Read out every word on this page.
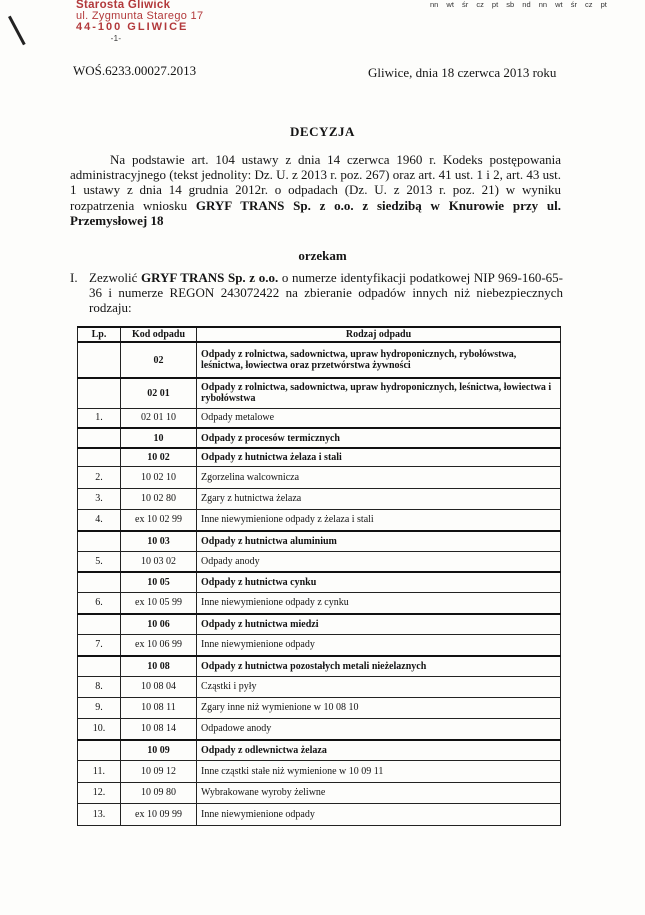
Starosta Gliwick
ul. Zygmunta Starego 17
44-100 GLIWICE
-1-
nn wt śr cz pt sb nd nn wt śr cz pt
WOŚ.6233.00027.2013	Gliwice, dnia 18 czerwca 2013 roku
DECYZJA

Na podstawie art. 104 ustawy z dnia 14 czerwca 1960 r. Kodeks postępowania administracyjnego (tekst jednolity: Dz. U. z 2013 r. poz. 267) oraz art. 41 ust. 1 i 2, art. 43 ust. 1 ustawy z dnia 14 grudnia 2012r. o odpadach (Dz. U. z 2013 r. poz. 21) w wyniku rozpatrzenia wniosku GRYF TRANS Sp. z o.o. z siedzibą w Knurowie przy ul. Przemysłowej 18

orzekam
I. Zezwolić GRYF TRANS Sp. z o.o. o numerze identyfikacji podatkowej NIP 969-160-65-36 i numerze REGON 243072422 na zbieranie odpadów innych niż niebezpiecznych rodzaju:
Lp.	Kod odpadu	Rodzaj odpadu
	02	Odpady z rolnictwa, sadownictwa, upraw hydroponicznych, rybołówstwa, leśnictwa, łowiectwa oraz przetwórstwa żywności
	02 01	Odpady z rolnictwa, sadownictwa, upraw hydroponicznych, leśnictwa, łowiectwa i rybołówstwa
1.	02 01 10	Odpady metalowe
	10	Odpady z procesów termicznych
	10 02	Odpady z hutnictwa żelaza i stali
2.	10 02 10	Zgorzelina walcownicza
3.	10 02 80	Zgary z hutnictwa żelaza
4.	ex 10 02 99	Inne niewymienione odpady z żelaza i stali
	10 03	Odpady z hutnictwa aluminium
5.	10 03 02	Odpady anody
	10 05	Odpady z hutnictwa cynku
6.	ex 10 05 99	Inne niewymienione odpady z cynku
	10 06	Odpady z hutnictwa miedzi
7.	ex 10 06 99	Inne niewymienione odpady
	10 08	Odpady z hutnictwa pozostałych metali nieżelaznych
8.	10 08 04	Cząstki i pyły
9.	10 08 11	Zgary inne niż wymienione w 10 08 10
10.	10 08 14	Odpadowe anody
	10 09	Odpady z odlewnictwa żelaza
11.	10 09 12	Inne cząstki stałe niż wymienione w 10 09 11
12.	10 09 80	Wybrakowane wyroby żeliwne
13.	ex 10 09 99	Inne niewymienione odpady
